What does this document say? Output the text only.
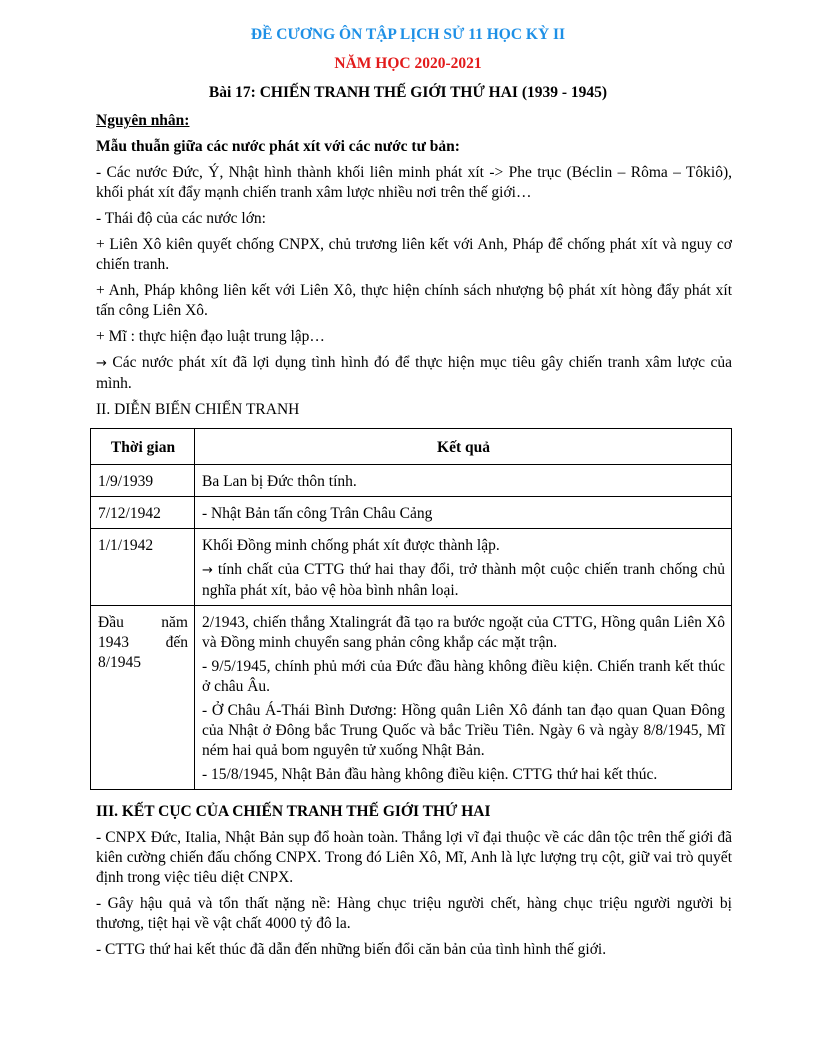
ĐỀ CƯƠNG ÔN TẬP LỊCH SỬ 11 HỌC KỲ II
NĂM HỌC 2020-2021
Bài 17: CHIẾN TRANH THẾ GIỚI THỨ HAI (1939 - 1945)

Nguyên nhân:

Mẫu thuẫn giữa các nước phát xít với các nước tư bản:

- Các nước Đức, Ý, Nhật hình thành khối liên minh phát xít -> Phe trục (Béclin – Rôma – Tôkiô), khối phát xít đẩy mạnh chiến tranh xâm lược nhiều nơi trên thế giới…

- Thái độ của các nước lớn:

+ Liên Xô kiên quyết chống CNPX, chủ trương liên kết với Anh, Pháp để chống phát xít và nguy cơ chiến tranh.

+ Anh, Pháp không liên kết với Liên Xô, thực hiện chính sách nhượng bộ phát xít hòng đẩy phát xít tấn công Liên Xô.

+ Mĩ : thực hiện đạo luật trung lập…

→ Các nước phát xít đã lợi dụng tình hình đó để thực hiện mục tiêu gây chiến tranh xâm lược của mình.

II. DIỄN BIẾN CHIẾN TRANH

Thời gian	Kết quả
1/9/1939	Ba Lan bị Đức thôn tính.

7/12/1942	- Nhật Bản tấn công Trân Châu Cảng

1/1/1942	Khối Đồng minh chống phát xít được thành lập.

→ tính chất của CTTG thứ hai thay đổi, trở thành một cuộc chiến tranh chống chủ nghĩa phát xít, bảo vệ hòa bình nhân loại.

Đầu năm 1943 đến 8/1945	2/1943, chiến thắng Xtalingrát đã tạo ra bước ngoặt của CTTG, Hồng quân Liên Xô và Đồng minh chuyển sang phản công khắp các mặt trận.

- 9/5/1945, chính phủ mới của Đức đầu hàng không điều kiện. Chiến tranh kết thúc ở châu Âu.

- Ở Châu Á-Thái Bình Dương: Hồng quân Liên Xô đánh tan đạo quan Quan Đông của Nhật ở Đông bắc Trung Quốc và bắc Triều Tiên. Ngày 6 và ngày 8/8/1945, Mĩ ném hai quả bom nguyên tử xuống Nhật Bản.

- 15/8/1945, Nhật Bản đầu hàng không điều kiện. CTTG thứ hai kết thúc.

III. KẾT CỤC CỦA CHIẾN TRANH THẾ GIỚI THỨ HAI

- CNPX Đức, Italia, Nhật Bản sụp đổ hoàn toàn. Thắng lợi vĩ đại thuộc về các dân tộc trên thế giới đã kiên cường chiến đấu chống CNPX. Trong đó Liên Xô, Mĩ, Anh là lực lượng trụ cột, giữ vai trò quyết định trong việc tiêu diệt CNPX.

- Gây hậu quả và tổn thất nặng nề: Hàng chục triệu người chết, hàng chục triệu người người bị thương, tiệt hại về vật chất 4000 tỷ đô la.

- CTTG thứ hai kết thúc đã dẫn đến những biến đổi căn bản của tình hình thế giới.
